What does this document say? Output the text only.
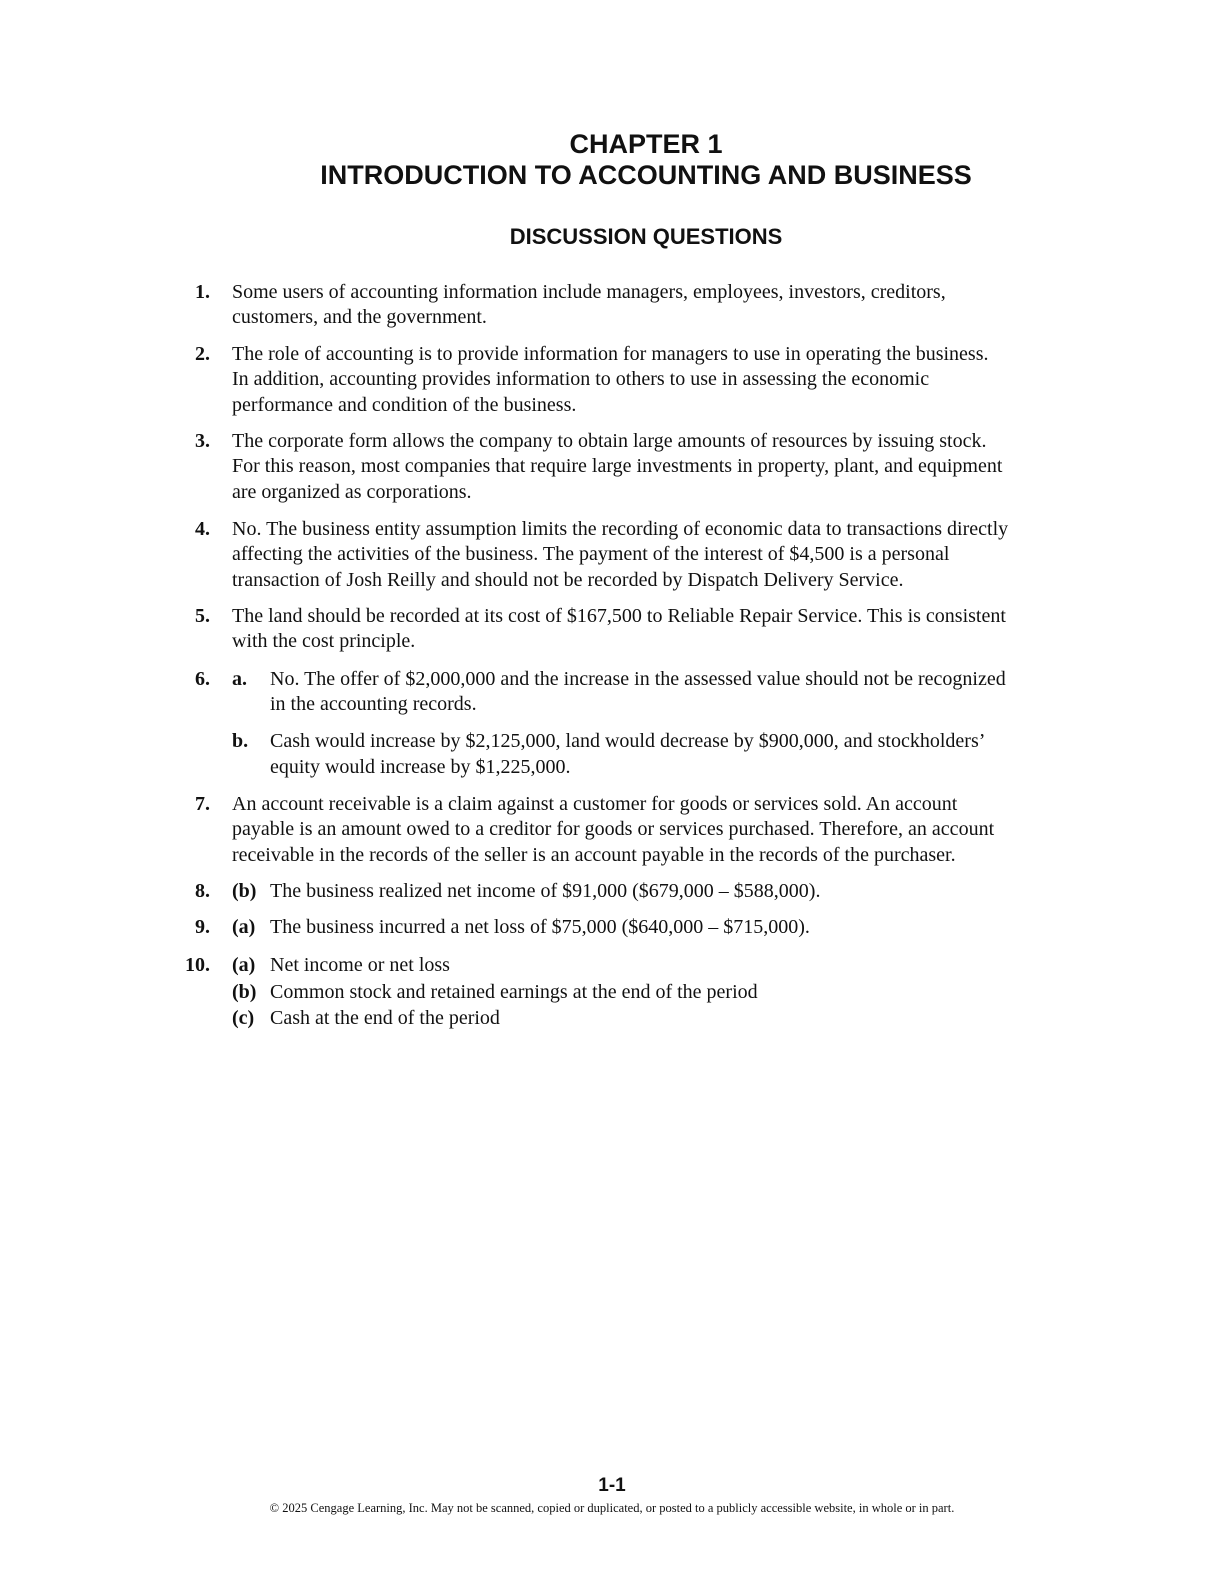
CHAPTER 1
INTRODUCTION TO ACCOUNTING AND BUSINESS
DISCUSSION QUESTIONS
1. Some users of accounting information include managers, employees, investors, creditors,
customers, and the government.
2. The role of accounting is to provide information for managers to use in operating the business.
In addition, accounting provides information to others to use in assessing the economic
performance and condition of the business.
3. The corporate form allows the company to obtain large amounts of resources by issuing stock.
For this reason, most companies that require large investments in property, plant, and equipment
are organized as corporations.
4. No. The business entity assumption limits the recording of economic data to transactions directly
affecting the activities of the business. The payment of the interest of $4,500 is a personal
transaction of Josh Reilly and should not be recorded by Dispatch Delivery Service.
5. The land should be recorded at its cost of $167,500 to Reliable Repair Service. This is consistent
with the cost principle.
6. a.	No. The offer of $2,000,000 and the increase in the assessed value should not be recognized
in the accounting records.
b.	Cash would increase by $2,125,000, land would decrease by $900,000, and stockholders’
equity would increase by $1,225,000.
7. An account receivable is a claim against a customer for goods or services sold. An account
payable is an amount owed to a creditor for goods or services purchased. Therefore, an account
receivable in the records of the seller is an account payable in the records of the purchaser.
8. (b) The business realized net income of $91,000 ($679,000 – $588,000).
9. (a) The business incurred a net loss of $75,000 ($640,000 – $715,000).
10. (a) Net income or net loss
(b) Common stock and retained earnings at the end of the period
(c) Cash at the end of the period
1-1
© 2025 Cengage Learning, Inc. May not be scanned, copied or duplicated, or posted to a publicly accessible website, in whole or in part.
